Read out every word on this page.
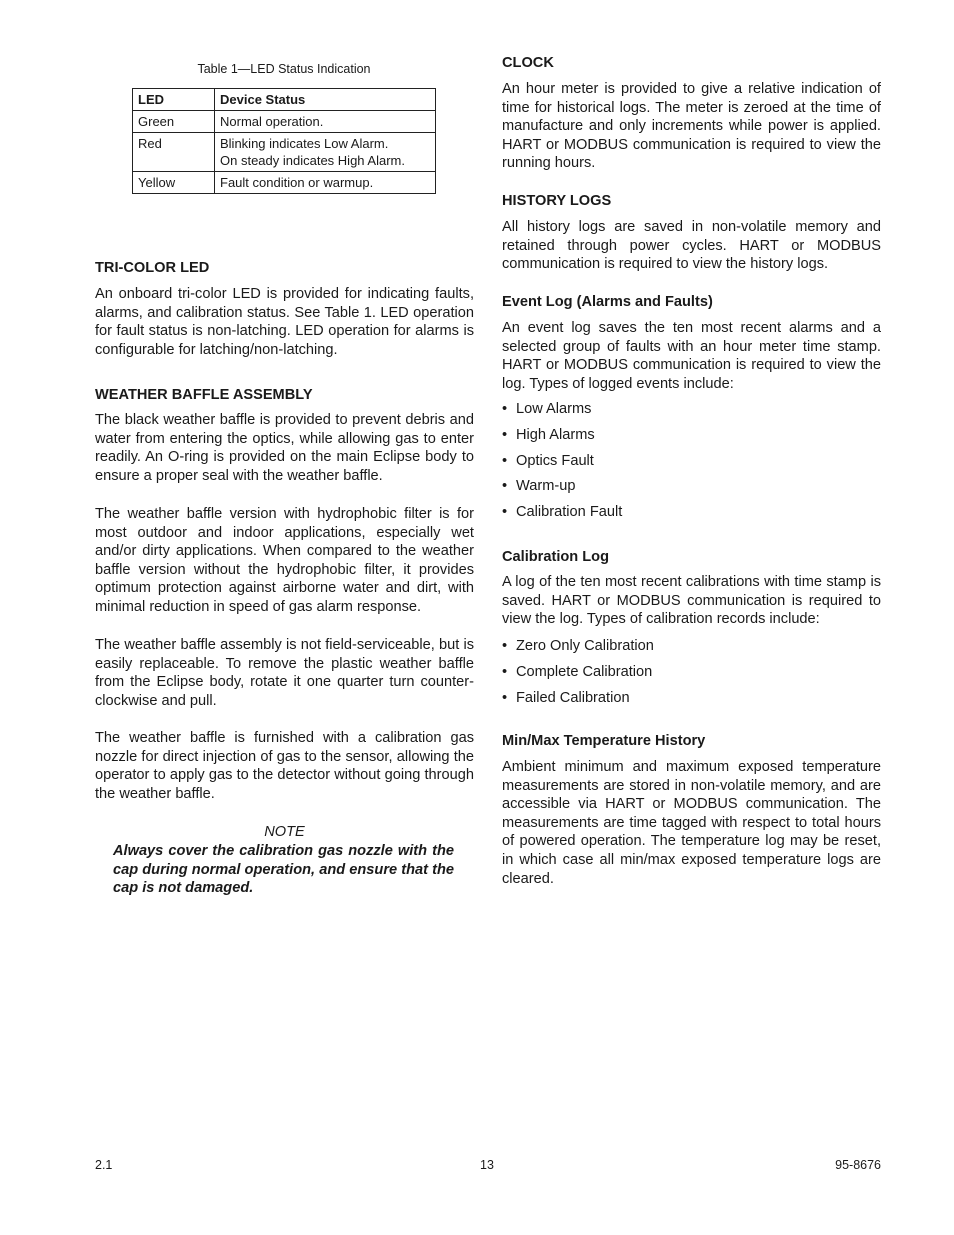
Table 1—LED Status Indication
LED	Device Status
Green	Normal operation.
Red	Blinking indicates Low Alarm.
On steady indicates High Alarm.
Yellow	Fault condition or warmup.
TRI-COLOR LED

An onboard tri-color LED is provided for indicating faults, alarms, and calibration status. See Table 1. LED operation for fault status is non-latching. LED operation for alarms is configurable for latching/non-latching.

WEATHER BAFFLE ASSEMBLY

The black weather baffle is provided to prevent debris and water from entering the optics, while allowing gas to enter readily. An O-ring is provided on the main Eclipse body to ensure a proper seal with the weather baffle.

The weather baffle version with hydrophobic filter is for most outdoor and indoor applications, especially wet and/or dirty applications. When compared to the weather baffle version without the hydrophobic filter, it provides optimum protection against airborne water and dirt, with minimal reduction in speed of gas alarm response.

The weather baffle assembly is not field-serviceable, but is easily replaceable. To remove the plastic weather baffle from the Eclipse body, rotate it one quarter turn counter-clockwise and pull.

The weather baffle is furnished with a calibration gas nozzle for direct injection of gas to the sensor, allowing the operator to apply gas to the detector without going through the weather baffle.

NOTE

Always cover the calibration gas nozzle with the cap during normal operation, and ensure that the cap is not damaged.

CLOCK

An hour meter is provided to give a relative indication of time for historical logs. The meter is zeroed at the time of manufacture and only increments while power is applied. HART or MODBUS communication is required to view the running hours.

HISTORY LOGS

All history logs are saved in non-volatile memory and retained through power cycles. HART or MODBUS communication is required to view the history logs.

Event Log (Alarms and Faults)

An event log saves the ten most recent alarms and a selected group of faults with an hour meter time stamp. HART or MODBUS communication is required to view the log. Types of logged events include:

• Low Alarms
• High Alarms
• Optics Fault
• Warm-up
• Calibration Fault
Calibration Log

A log of the ten most recent calibrations with time stamp is saved. HART or MODBUS communication is required to view the log. Types of calibration records include:

• Zero Only Calibration
• Complete Calibration
• Failed Calibration
Min/Max Temperature History

Ambient minimum and maximum exposed temperature measurements are stored in non-volatile memory, and are accessible via HART or MODBUS communication. The measurements are time tagged with respect to total hours of powered operation. The temperature log may be reset, in which case all min/max exposed temperature logs are cleared.

2.1	13	95-8676
